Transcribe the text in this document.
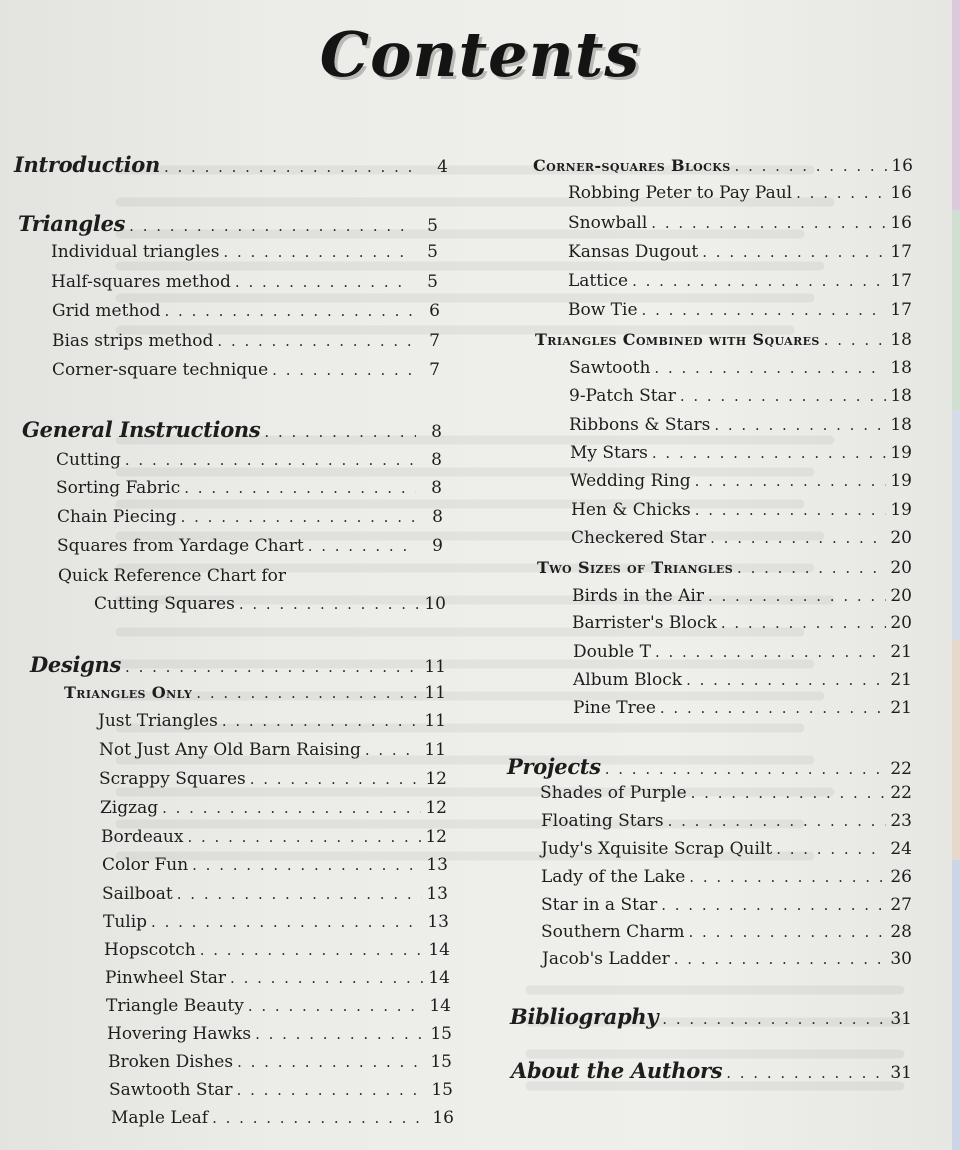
Contents
Introduction . . .	4
Triangles . . .	5
Individual triangles . . .	5
Half-squares method . . .	5
Grid method . . .	6
Bias strips method . . .	7
Corner-square technique . . .	7
General Instructions . . .	8
Cutting . . .	8
Sorting Fabric . . .	8
Chain Piecing . . .	8
Squares from Yardage Chart . . .	9
Quick Reference Chart for
Cutting Squares . . .	10
Designs . . .	11
Triangles Only . . .	11
Just Triangles . . .	11
Not Just Any Old Barn Raising . . .	11
Scrappy Squares . . .	12
Zigzag . . .	12
Bordeaux . . .	12
Color Fun . . .	13
Sailboat . . .	13
Tulip . . .	13
Hopscotch . . .	14
Pinwheel Star . . .	14
Triangle Beauty . . .	14
Hovering Hawks . . .	15
Broken Dishes . . .	15
Sawtooth Star . . .	15
Maple Leaf . . .	16
Corner-squares Blocks . . .	16
Robbing Peter to Pay Paul . . .	16
Snowball . . .	16
Kansas Dugout . . .	17
Lattice . . .	17
Bow Tie . . .	17
Triangles Combined with Squares . . .	18
Sawtooth . . .	18
9-Patch Star . . .	18
Ribbons & Stars . . .	18
My Stars . . .	19
Wedding Ring . . .	19
Hen & Chicks . . .	19
Checkered Star . . .	20
Two Sizes of Triangles . . .	20
Birds in the Air . . .	20
Barrister's Block . . .	20
Double T . . .	21
Album Block . . .	21
Pine Tree . . .	21
Projects . . .	22
Shades of Purple . . .	22
Floating Stars . . .	23
Judy's Xquisite Scrap Quilt . . .	24
Lady of the Lake . . .	26
Star in a Star . . .	27
Southern Charm . . .	28
Jacob's Ladder . . .	30
Bibliography . . .	31
About the Authors . . .	31
